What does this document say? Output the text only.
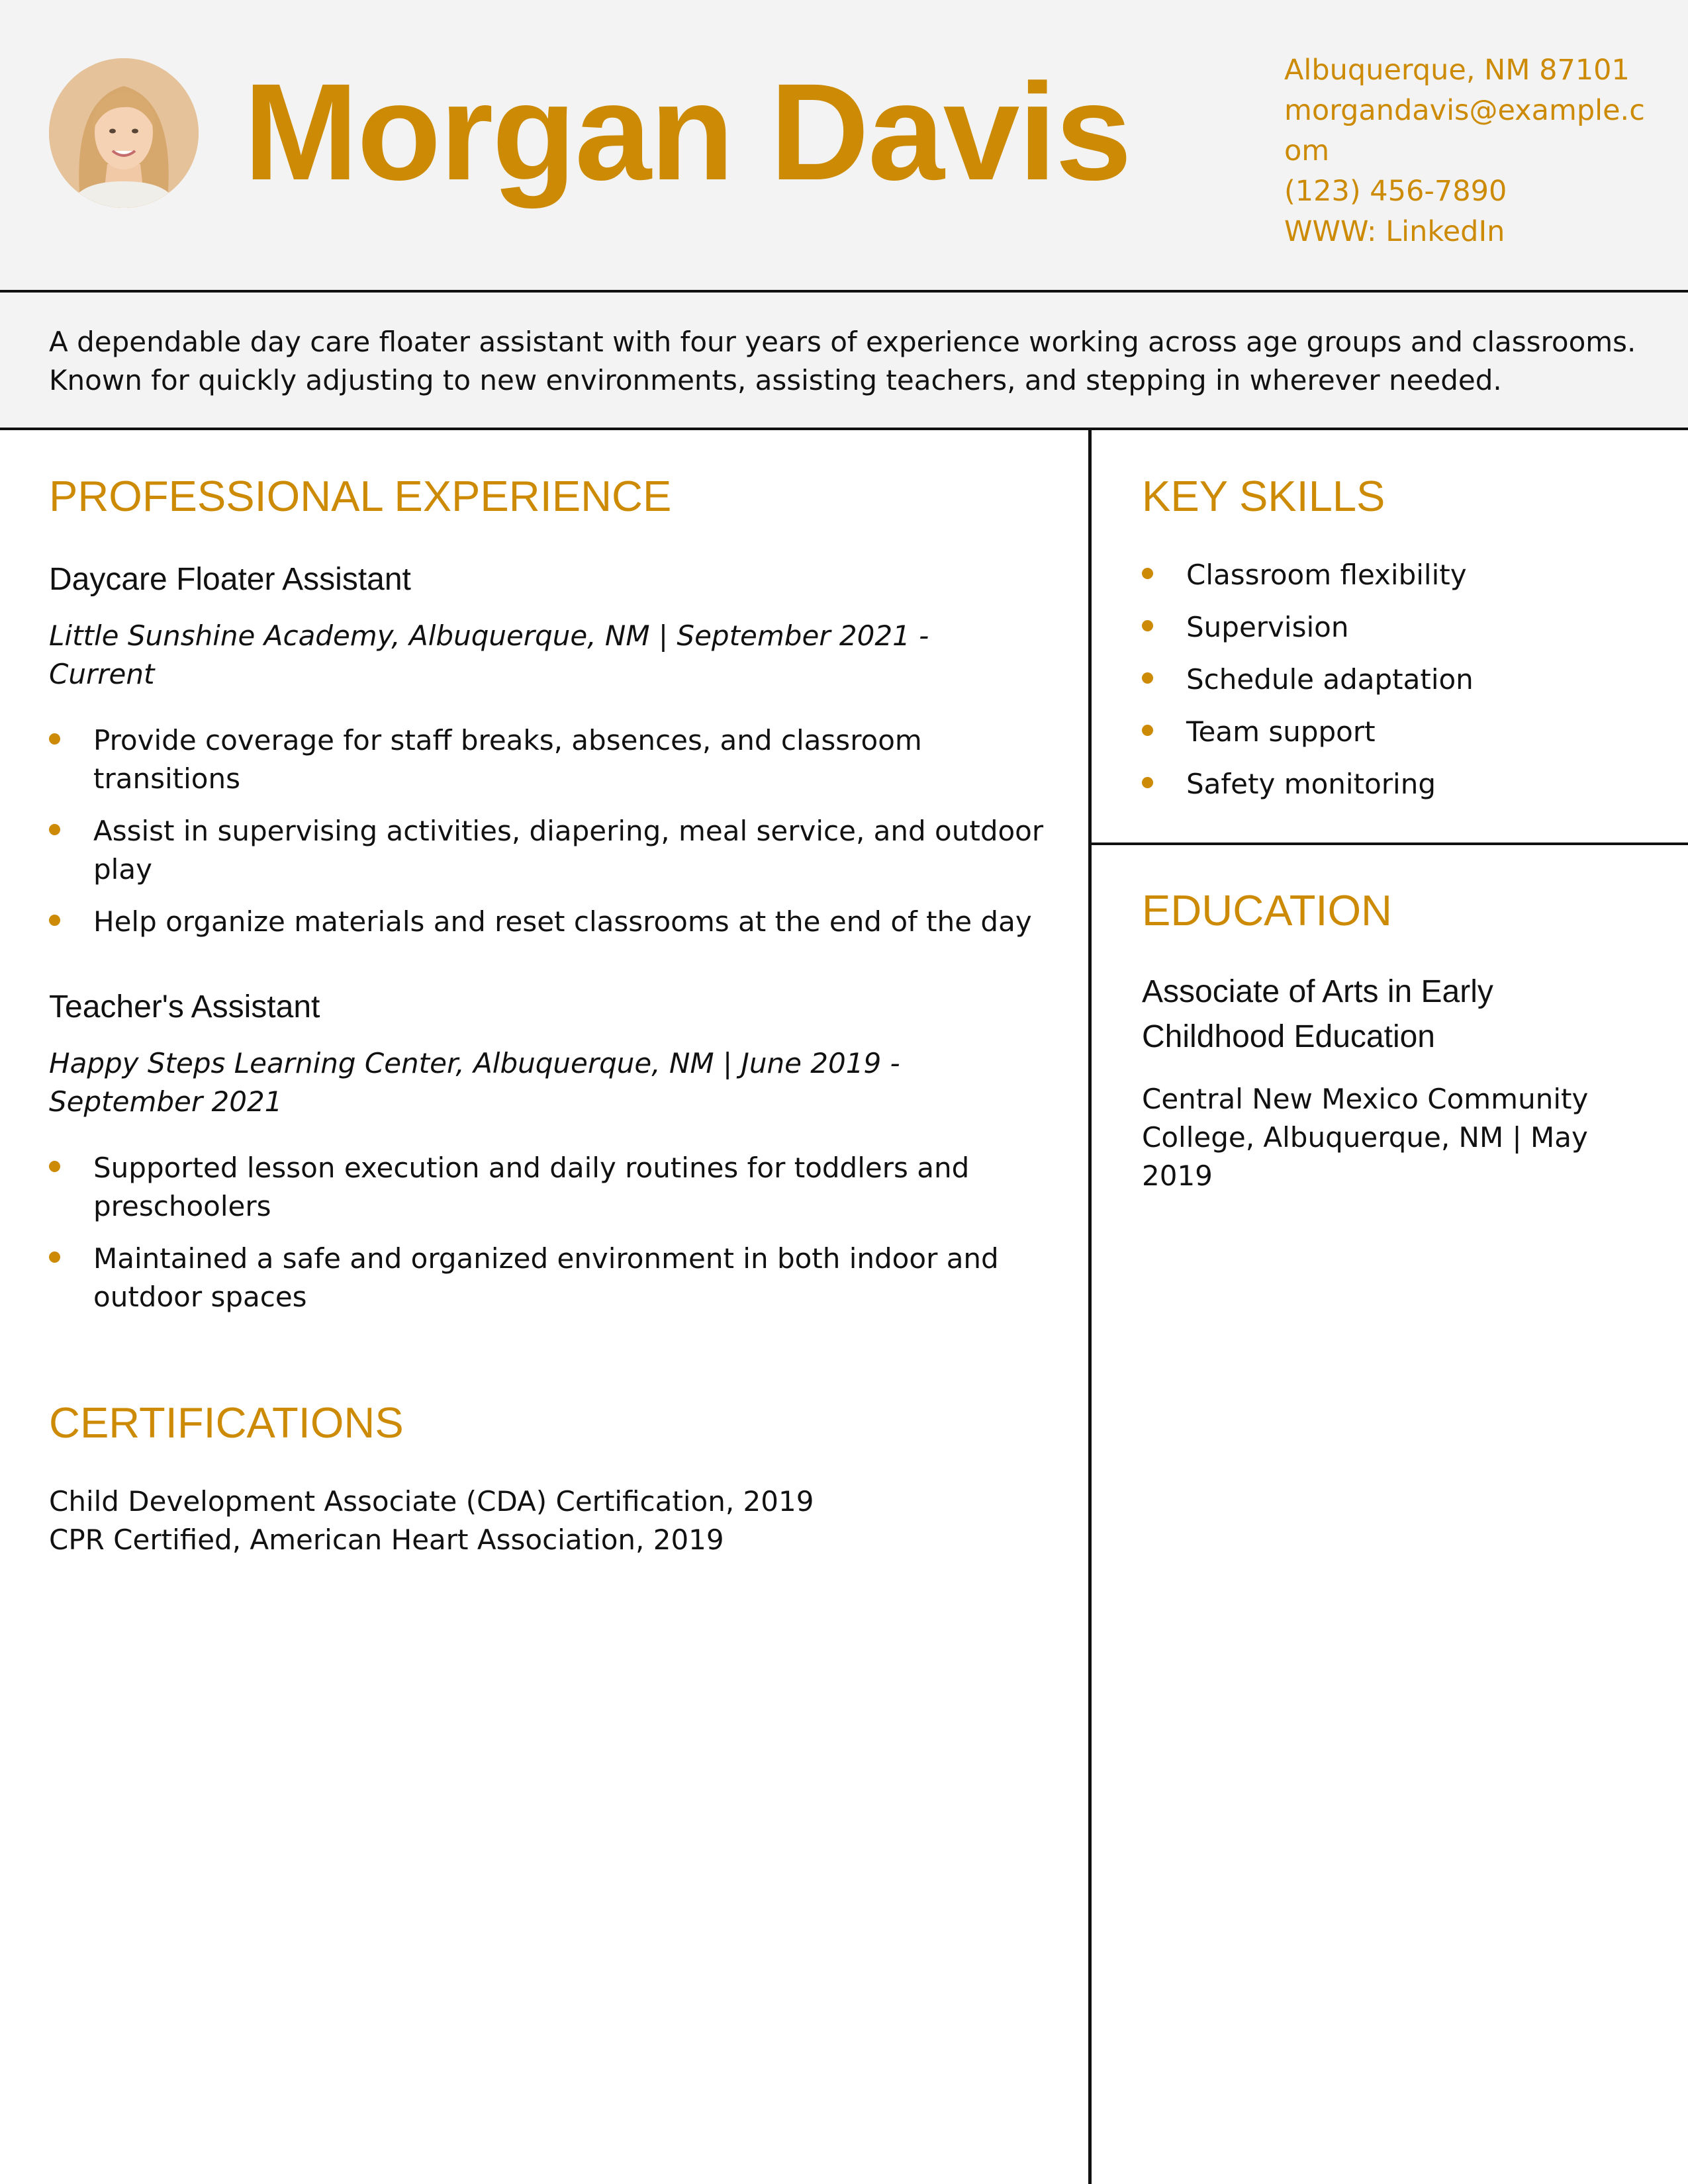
Morgan Davis	Albuquerque, NM 87101
morgandavis@example.c
om
(123) 456-7890
WWW: LinkedIn
A dependable day care floater assistant with four years of experience working across age groups and classrooms. Known for quickly adjusting to new environments, assisting teachers, and stepping in wherever needed.
PROFESSIONAL EXPERIENCE
Daycare Floater Assistant
Little Sunshine Academy, Albuquerque, NM | September 2021 - Current
Provide coverage for staff breaks, absences, and classroom transitions
Assist in supervising activities, diapering, meal service, and outdoor play
Help organize materials and reset classrooms at the end of the day
Teacher's Assistant
Happy Steps Learning Center, Albuquerque, NM | June 2019 - September 2021
Supported lesson execution and daily routines for toddlers and preschoolers
Maintained a safe and organized environment in both indoor and outdoor spaces
CERTIFICATIONS
Child Development Associate (CDA) Certification, 2019
CPR Certified, American Heart Association, 2019
KEY SKILLS
Classroom flexibility
Supervision
Schedule adaptation
Team support
Safety monitoring
EDUCATION
Associate of Arts in Early Childhood Education
Central New Mexico Community College, Albuquerque, NM | May 2019
